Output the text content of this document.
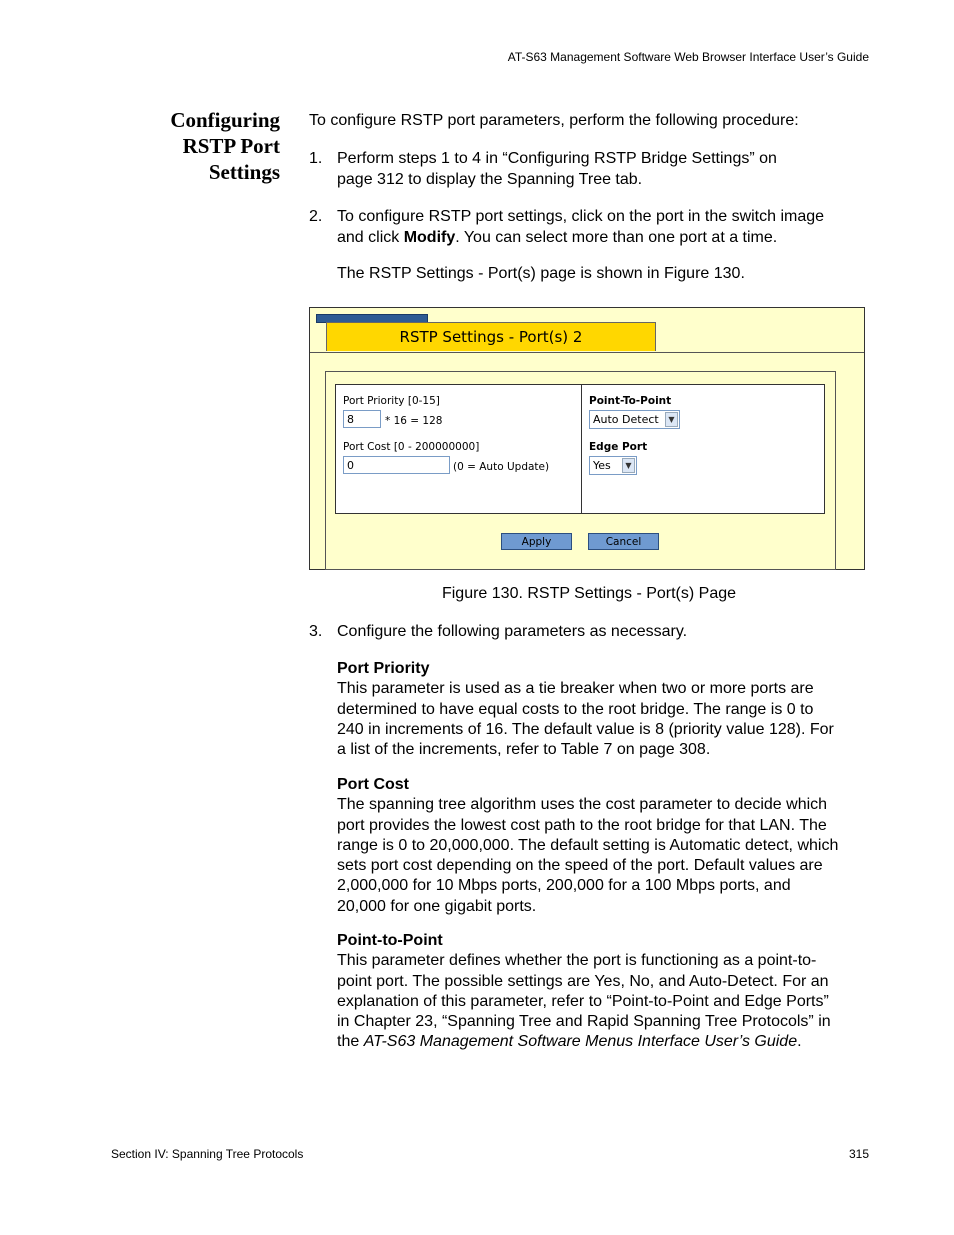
AT-S63 Management Software Web Browser Interface User’s Guide
Configuring
RSTP Port
Settings
To configure RSTP port parameters, perform the following procedure:
1. Perform steps 1 to 4 in “Configuring RSTP Bridge Settings” on
page 312 to display the Spanning Tree tab.
2. To configure RSTP port settings, click on the port in the switch image
and click Modify. You can select more than one port at a time.
The RSTP Settings - Port(s) page is shown in Figure 130.
RSTP Settings - Port(s) 2
Port Priority [0-15]
8	* 16 = 128
Port Cost [0 - 200000000]
0	(0 = Auto Update)
Point-To-Point
Auto Detect	▼
Edge Port
Yes	▼
Apply	Cancel
Figure 130. RSTP Settings - Port(s) Page
3. Configure the following parameters as necessary.
Port Priority
This parameter is used as a tie breaker when two or more ports are
determined to have equal costs to the root bridge. The range is 0 to
240 in increments of 16. The default value is 8 (priority value 128). For
a list of the increments, refer to Table 7 on page 308.
Port Cost
The spanning tree algorithm uses the cost parameter to decide which
port provides the lowest cost path to the root bridge for that LAN. The
range is 0 to 20,000,000. The default setting is Automatic detect, which
sets port cost depending on the speed of the port. Default values are
2,000,000 for 10 Mbps ports, 200,000 for a 100 Mbps ports, and
20,000 for one gigabit ports.
Point-to-Point
This parameter defines whether the port is functioning as a point-to-
point port. The possible settings are Yes, No, and Auto-Detect. For an
explanation of this parameter, refer to “Point-to-Point and Edge Ports”
in Chapter 23, “Spanning Tree and Rapid Spanning Tree Protocols” in
the AT-S63 Management Software Menus Interface User’s Guide.
Section IV: Spanning Tree Protocols	315
